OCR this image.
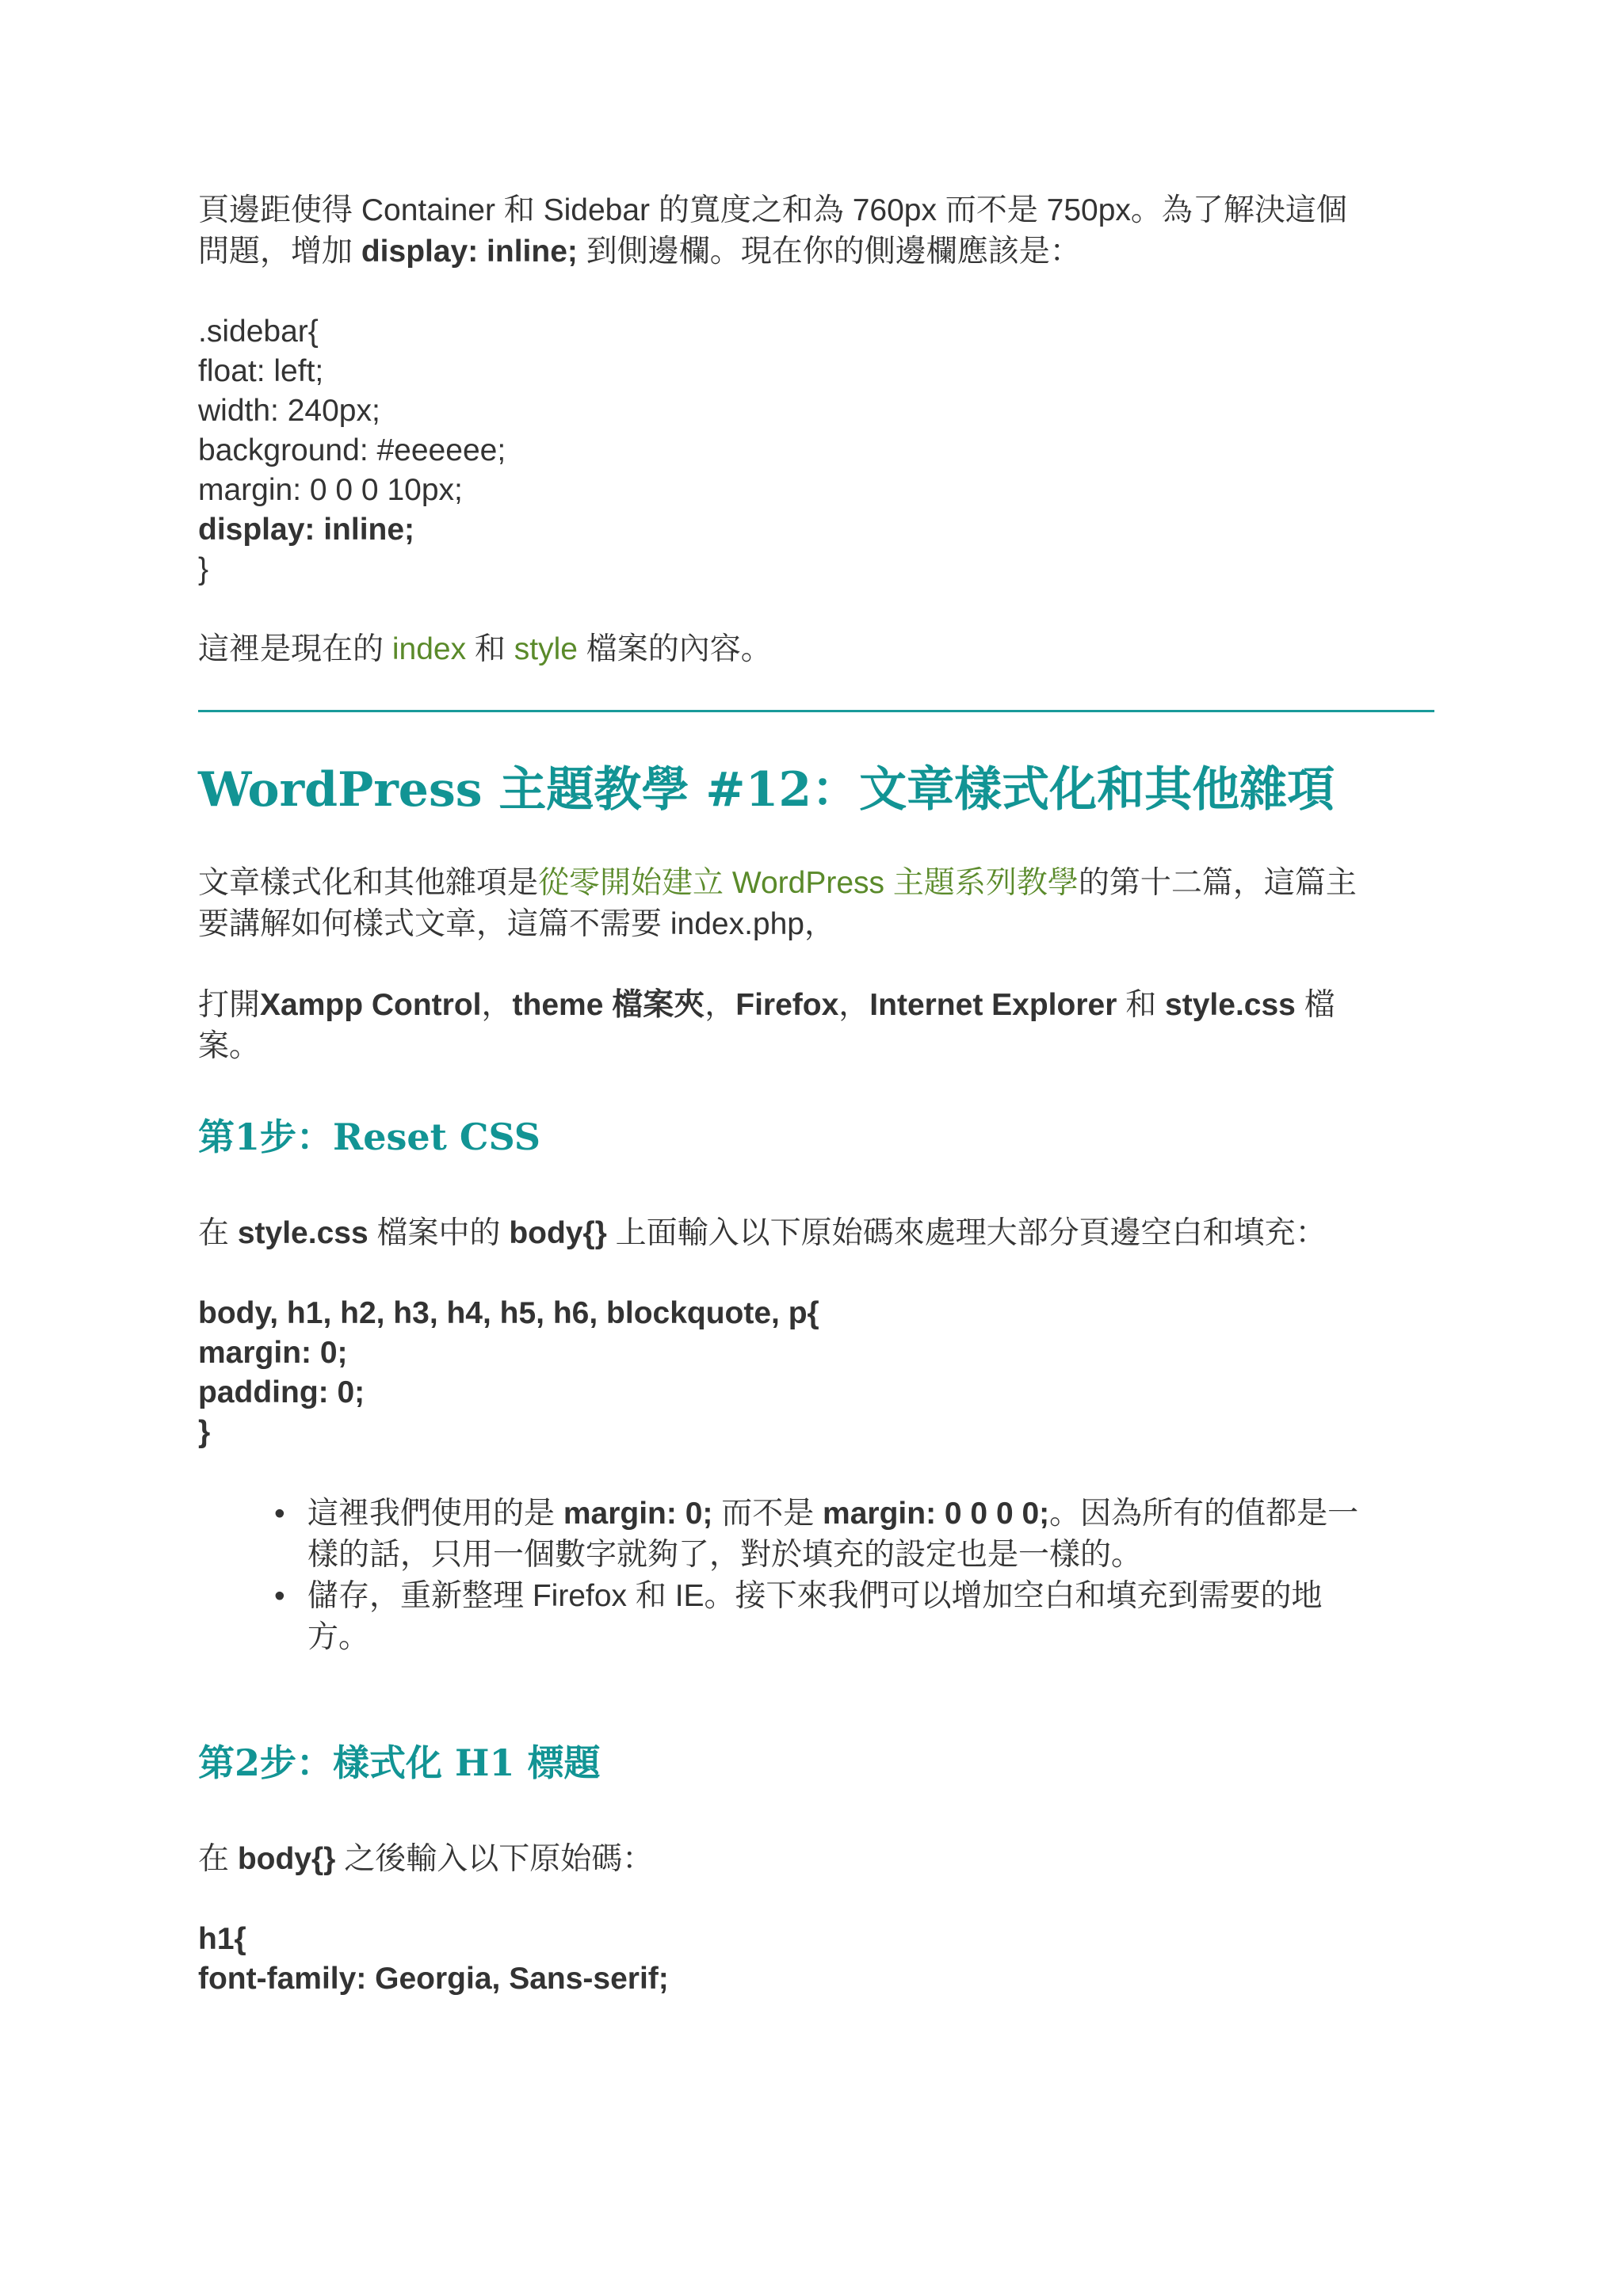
頁邊距使得 Container 和 Sidebar 的寬度之和為 760px 而不是 750px。為了解決這個
問題，增加 display: inline; 到側邊欄。現在你的側邊欄應該是：

.sidebar{

float: left;

width: 240px;

background: #eeeeee;

margin: 0 0 0 10px;

display: inline;

}

這裡是現在的 index 和 style 檔案的內容。

WordPress 主題教學 #12：文章樣式化和其他雜項

文章樣式化和其他雜項是從零開始建立 WordPress 主題系列教學的第十二篇，這篇主
要講解如何樣式文章，這篇不需要 index.php，

打開Xampp Control，theme 檔案夾，Firefox，Internet Explorer 和 style.css 檔
案。

第1步：Reset CSS

在 style.css 檔案中的 body{} 上面輸入以下原始碼來處理大部分頁邊空白和填充：

body, h1, h2, h3, h4, h5, h6, blockquote, p{

margin: 0;

padding: 0;

}

• 這裡我們使用的是 margin: 0; 而不是 margin: 0 0 0 0;。因為所有的值都是一
樣的話，只用一個數字就夠了，對於填充的設定也是一樣的。
• 儲存，重新整理 Firefox 和 IE。接下來我們可以增加空白和填充到需要的地
方。
第2步：樣式化 H1 標題

在 body{} 之後輸入以下原始碼：

h1{

font-family: Georgia, Sans-serif;
